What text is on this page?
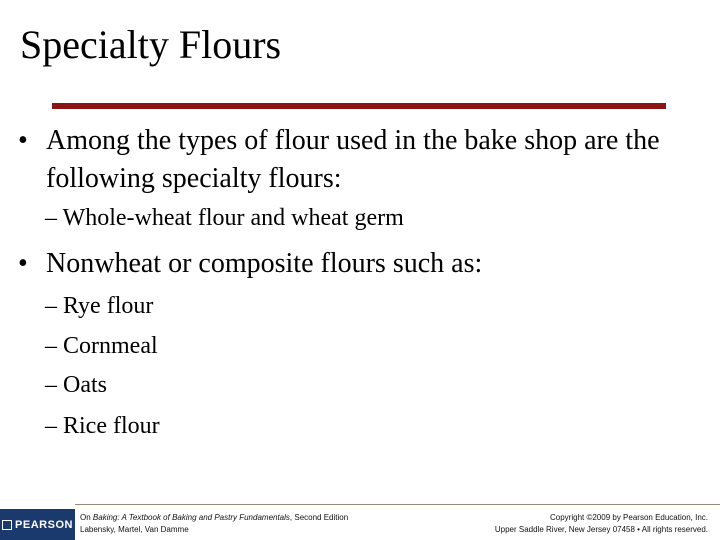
Specialty Flours
• Among the types of flour used in the bake shop are the following specialty flours:
– Whole-wheat flour and wheat germ
• Nonwheat or composite flours such as:
– Rye flour
– Cornmeal
– Oats
– Rice flour
PEARSON
On Baking: A Textbook of Baking and Pastry Fundamentals, Second Edition
Labensky, Martel, Van Damme
Copyright ©2009 by Pearson Education, Inc.
Upper Saddle River, New Jersey 07458 • All rights reserved.
